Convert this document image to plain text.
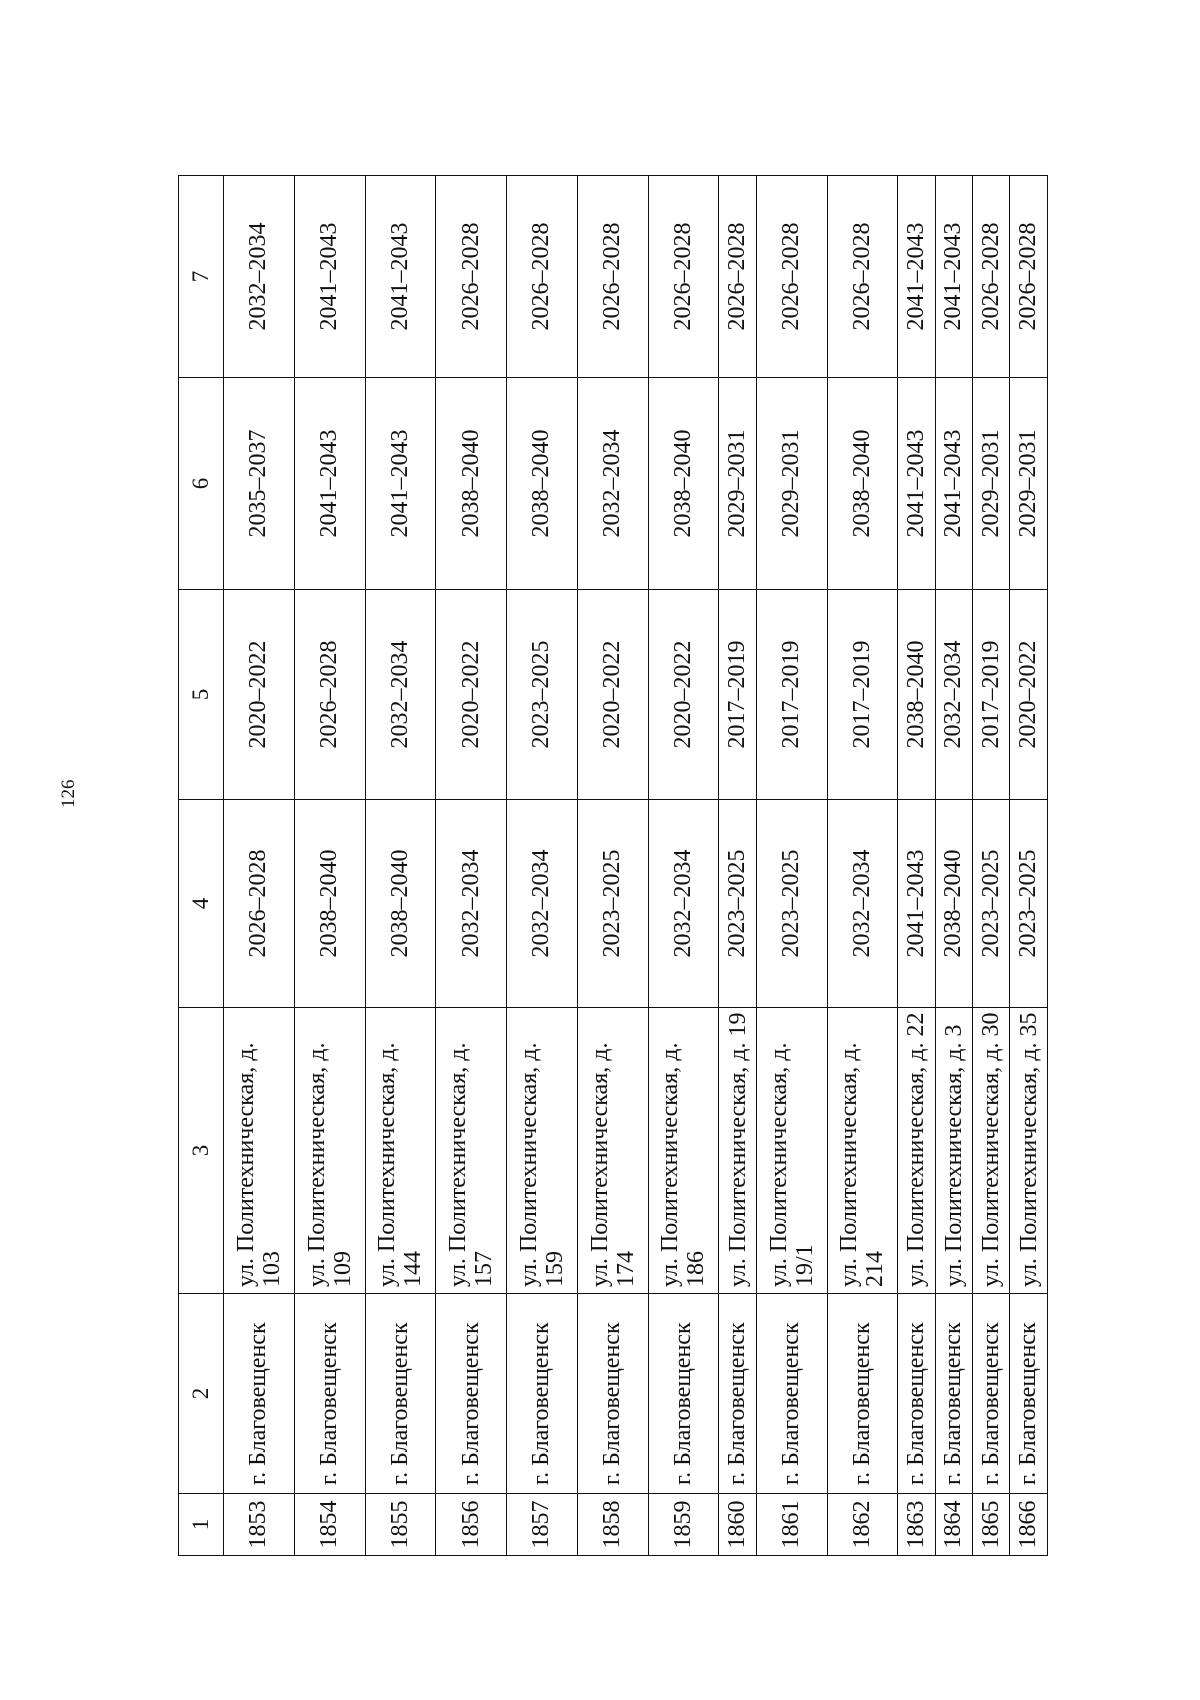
126
1	2	3	4	5	6	7
1853	г. Благовещенск	ул. Политехническая, д. 103	2026–2028	2020–2022	2035–2037	2032–2034
1854	г. Благовещенск	ул. Политехническая, д. 109	2038–2040	2026–2028	2041–2043	2041–2043
1855	г. Благовещенск	ул. Политехническая, д. 144	2038–2040	2032–2034	2041–2043	2041–2043
1856	г. Благовещенск	ул. Политехническая, д. 157	2032–2034	2020–2022	2038–2040	2026–2028
1857	г. Благовещенск	ул. Политехническая, д. 159	2032–2034	2023–2025	2038–2040	2026–2028
1858	г. Благовещенск	ул. Политехническая, д. 174	2023–2025	2020–2022	2032–2034	2026–2028
1859	г. Благовещенск	ул. Политехническая, д. 186	2032–2034	2020–2022	2038–2040	2026–2028
1860	г. Благовещенск	ул. Политехническая, д. 19	2023–2025	2017–2019	2029–2031	2026–2028
1861	г. Благовещенск	ул. Политехническая, д. 19/1	2023–2025	2017–2019	2029–2031	2026–2028
1862	г. Благовещенск	ул. Политехническая, д. 214	2032–2034	2017–2019	2038–2040	2026–2028
1863	г. Благовещенск	ул. Политехническая, д. 22	2041–2043	2038–2040	2041–2043	2041–2043
1864	г. Благовещенск	ул. Политехническая, д. 3	2038–2040	2032–2034	2041–2043	2041–2043
1865	г. Благовещенск	ул. Политехническая, д. 30	2023–2025	2017–2019	2029–2031	2026–2028
1866	г. Благовещенск	ул. Политехническая, д. 35	2023–2025	2020–2022	2029–2031	2026–2028
